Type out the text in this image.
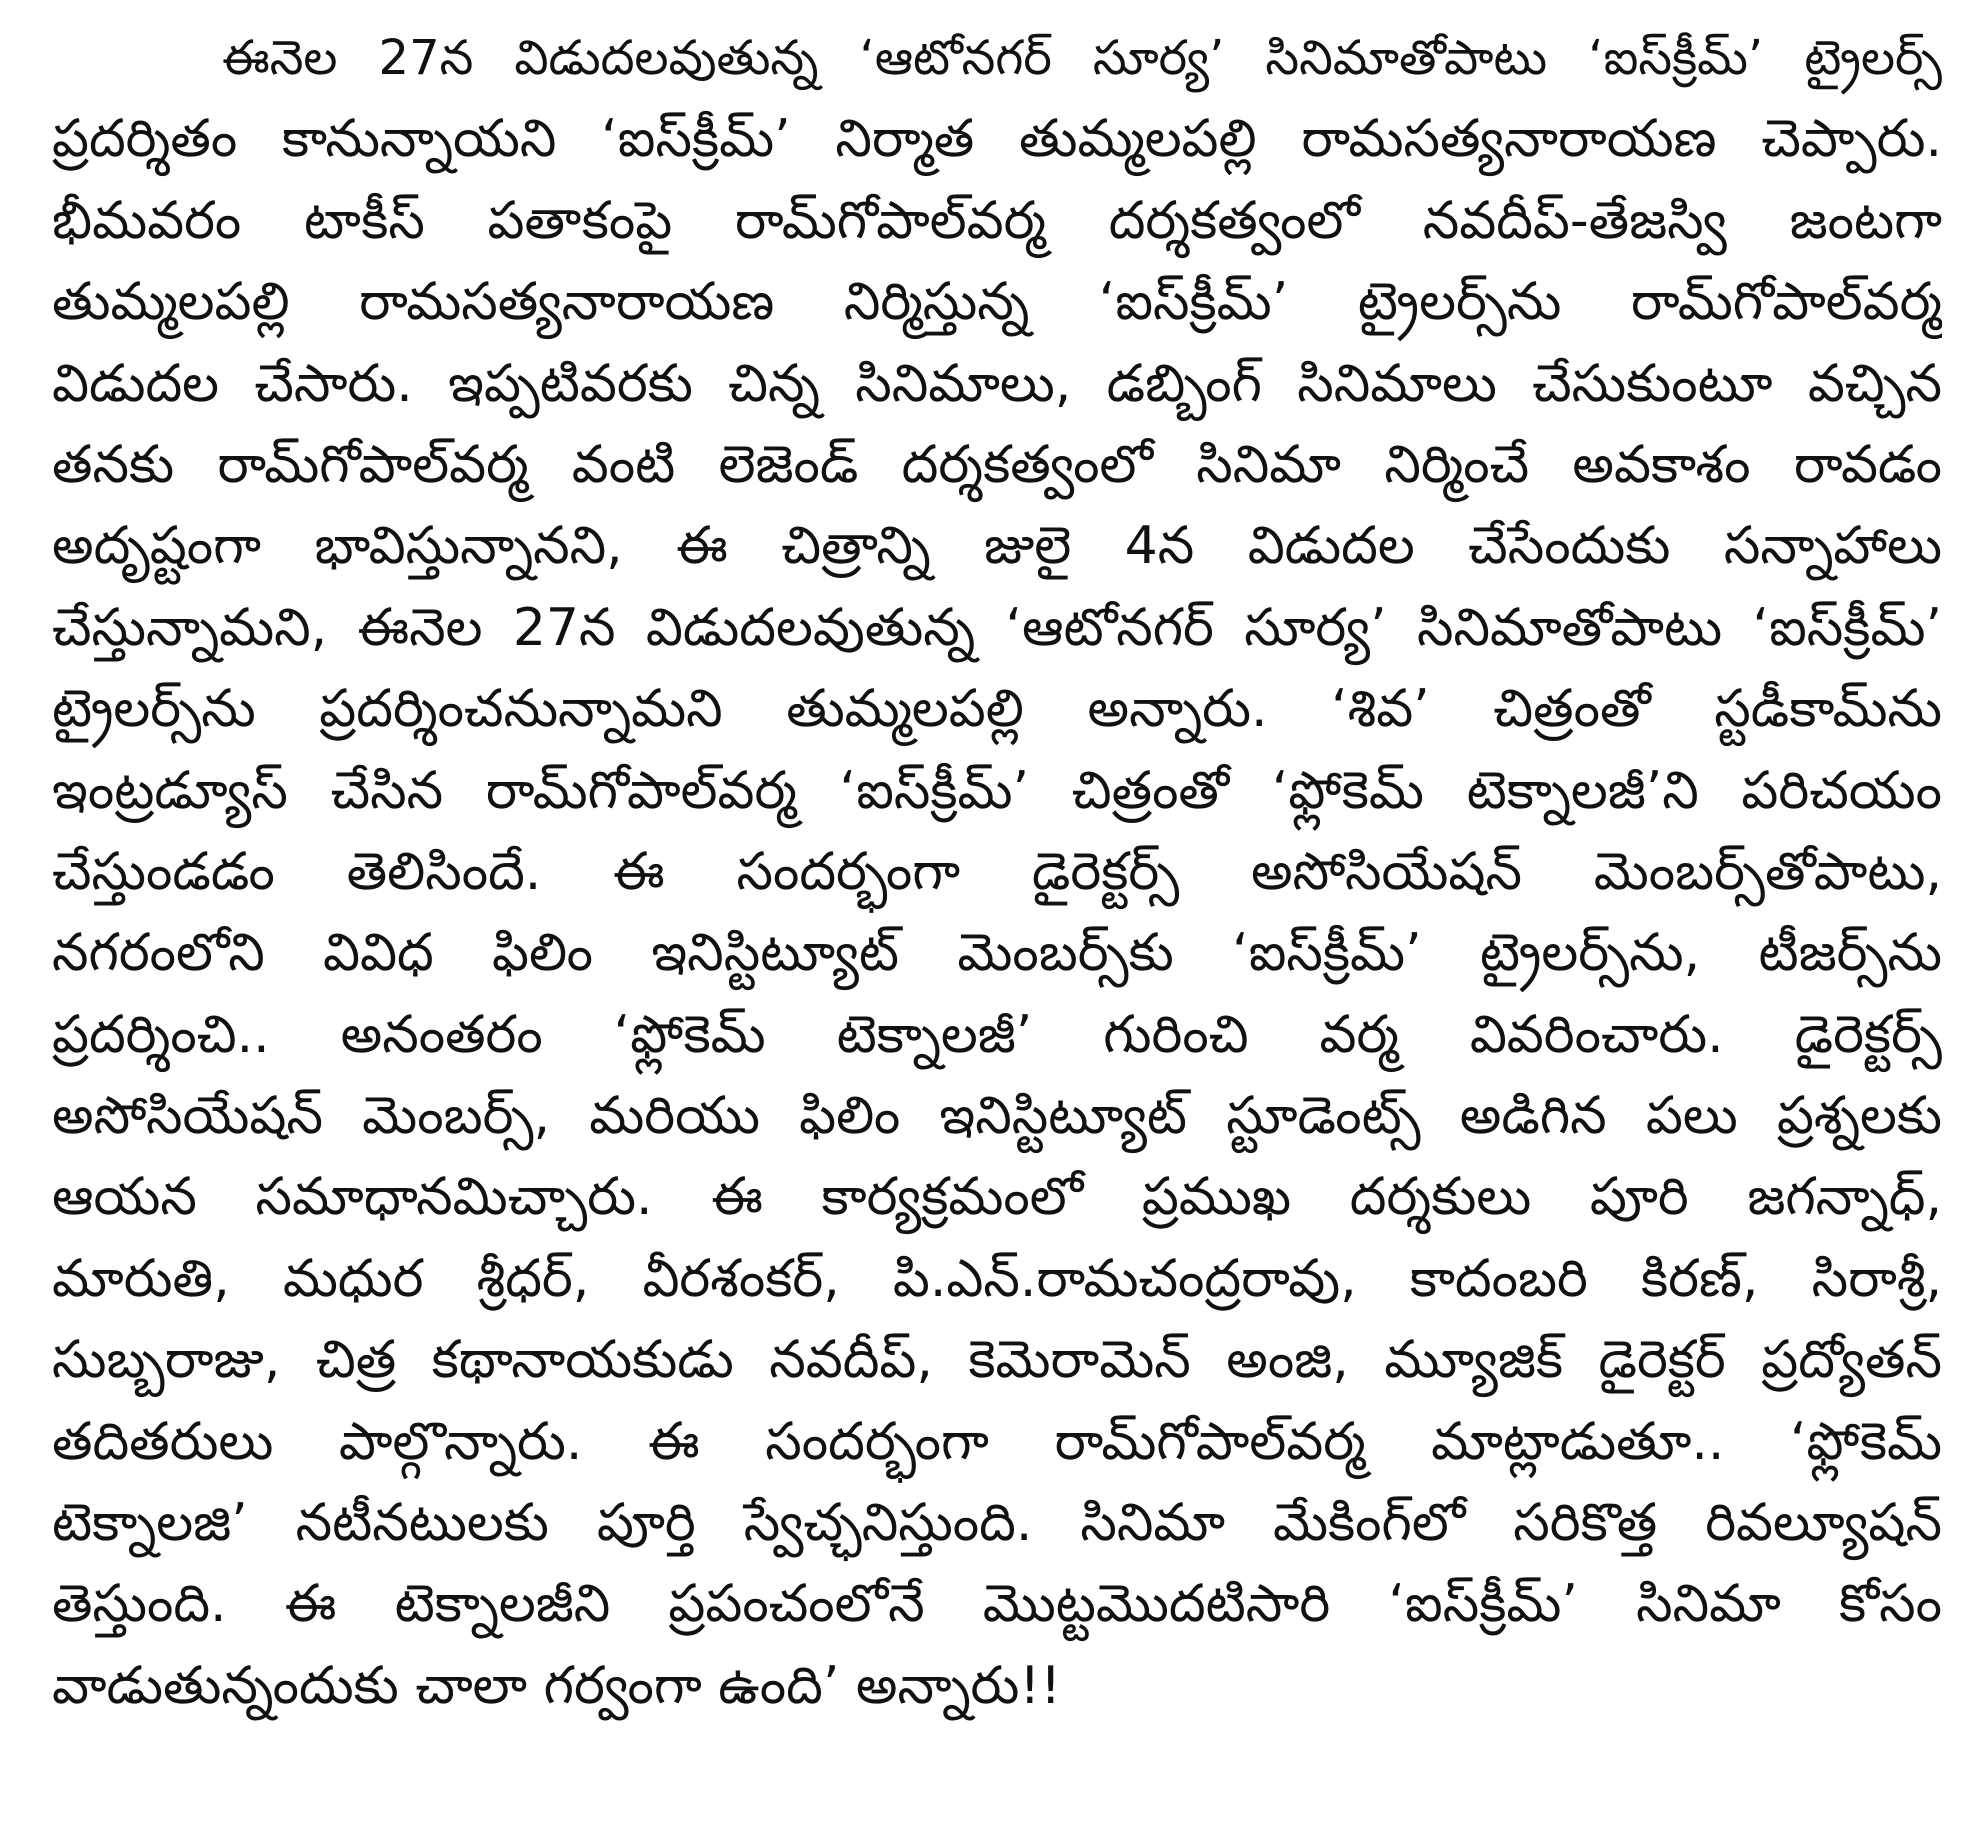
ఈనెల 27న విడుదలవుతున్న ‘ఆటోనగర్ సూర్య’ సినిమాతోపాటు ‘ఐస్‌క్రీమ్’ ట్రైలర్స్
ప్రదర్శితం కానున్నాయని ‘ఐస్‌క్రీమ్’ నిర్మాత తుమ్మలపల్లి రామసత్యనారాయణ చెప్పారు.
భీమవరం టాకీస్ పతాకంపై రామ్‌గోపాల్‌వర్మ దర్శకత్వంలో నవదీప్-తేజస్వి జంటగా
తుమ్మలపల్లి రామసత్యనారాయణ నిర్మిస్తున్న ‘ఐస్‌క్రీమ్’ ట్రైలర్స్‌ను రామ్‌గోపాల్‌వర్మ
విడుదల చేసారు. ఇప్పటివరకు చిన్న సినిమాలు, డబ్బింగ్ సినిమాలు చేసుకుంటూ వచ్చిన
తనకు రామ్‌గోపాల్‌వర్మ వంటి లెజెండ్ దర్శకత్వంలో సినిమా నిర్మించే అవకాశం రావడం
అదృష్టంగా భావిస్తున్నానని, ఈ చిత్రాన్ని జులై 4న విడుదల చేసేందుకు సన్నాహాలు
చేస్తున్నామని, ఈనెల 27న విడుదలవుతున్న ‘ఆటోనగర్ సూర్య’ సినిమాతోపాటు ‘ఐస్‌క్రీమ్’
ట్రైలర్స్‌ను ప్రదర్శించనున్నామని తుమ్మలపల్లి అన్నారు. ‘శివ’ చిత్రంతో స్టడీకామ్‌ను
ఇంట్రడ్యూస్ చేసిన రామ్‌గోపాల్‌వర్మ ‘ఐస్‌క్రీమ్’ చిత్రంతో ‘ఫ్లోకెమ్ టెక్నాలజీ’ని పరిచయం
చేస్తుండడం తెలిసిందే. ఈ సందర్భంగా డైరెక్టర్స్ అసోసియేషన్ మెంబర్స్‌తోపాటు,
నగరంలోని వివిధ ఫిలిం ఇనిస్టిట్యూట్ మెంబర్స్‌కు ‘ఐస్‌క్రీమ్’ ట్రైలర్స్‌ను, టీజర్స్‌ను
ప్రదర్శించి.. అనంతరం ‘ఫ్లోకెమ్ టెక్నాలజీ’ గురించి వర్మ వివరించారు. డైరెక్టర్స్
అసోసియేషన్ మెంబర్స్, మరియు ఫిలిం ఇనిస్టిట్యూట్ స్టూడెంట్స్ అడిగిన పలు ప్రశ్నలకు
ఆయన సమాధానమిచ్చారు. ఈ కార్యక్రమంలో ప్రముఖ దర్శకులు పూరి జగన్నాధ్,
మారుతి, మధుర శ్రీధర్, వీరశంకర్, పి.ఎన్.రామచంద్రరావు, కాదంబరి కిరణ్, సిరాశ్రీ,
సుబ్బరాజు, చిత్ర కథానాయకుడు నవదీప్, కెమెరామెన్ అంజి, మ్యూజిక్ డైరెక్టర్ ప్రద్యోతన్
తదితరులు పాల్గొన్నారు. ఈ సందర్భంగా రామ్‌గోపాల్‌వర్మ మాట్లాడుతూ.. ‘ఫ్లోకెమ్
టెక్నాలజి’ నటీనటులకు పూర్తి స్వేచ్ఛనిస్తుంది. సినిమా మేకింగ్‌లో సరికొత్త రివల్యూషన్
తెస్తుంది. ఈ టెక్నాలజీని ప్రపంచంలోనే మొట్టమొదటిసారి ‘ఐస్‌క్రీమ్’ సినిమా కోసం
వాడుతున్నందుకు చాలా గర్వంగా ఉంది’ అన్నారు!!
